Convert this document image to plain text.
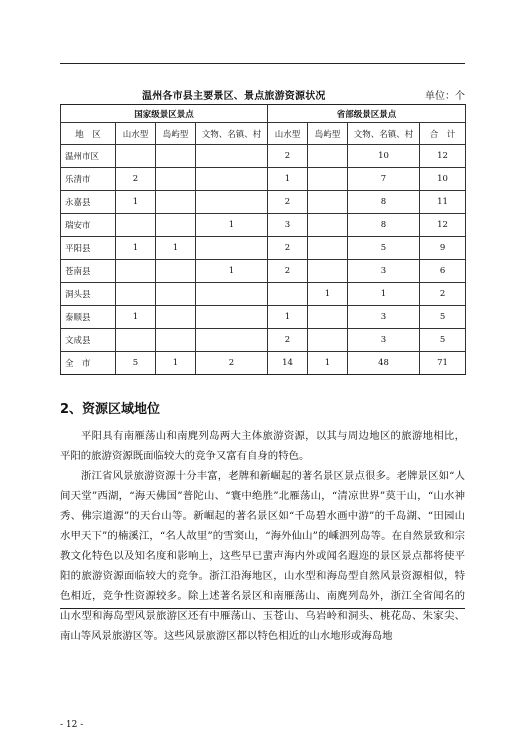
温州各市县主要景区、景点旅游资源状况	单位：个
国家级景区景点				省部级景区景点			
地　区	山水型	岛屿型	文物、名镇、村	山水型	岛屿型	文物、名镇、村	合　计
温州市区				2		10	12
乐清市	2			1		7	10
永嘉县	1			2		8	11
瑞安市			1	3		8	12
平阳县	1	1		2		5	9
苍南县			1	2		3	6
洞头县					1	1	2
泰顺县	1			1		3	5
文成县				2		3	5
全　市	5	1	2	14	1	48	71
2、资源区域地位

平阳具有南雁荡山和南麂列岛两大主体旅游资源，以其与周边地区的旅游地相比，平阳的旅游资源既面临较大的竞争又富有自身的特色。

浙江省风景旅游资源十分丰富，老牌和新崛起的著名景区景点很多。老牌景区如“人间天堂”西湖，“海天佛国”普陀山、“寰中绝胜”北雁荡山，“清凉世界”莫干山，“山水神秀、佛宗道源”的天台山等。新崛起的著名景区如“千岛碧水画中游”的千岛湖、“田园山水甲天下”的楠溪江，“名人故里”的雪窦山，“海外仙山”的嵊泗列岛等。在自然景致和宗教文化特色以及知名度和影响上，这些早已蜚声海内外或闻名遐迩的景区景点都将使平阳的旅游资源面临较大的竞争。浙江沿海地区，山水型和海岛型自然风景资源相似，特色相近，竞争性资源较多。除上述著名景区和南雁荡山、南麂列岛外，浙江全省闻名的山水型和海岛型风景旅游区还有中雁荡山、玉苍山、乌岩岭和洞头、桃花岛、朱家尖、南山等风景旅游区等。这些风景旅游区都以特色相近的山水地形或海岛地

- 12 -
